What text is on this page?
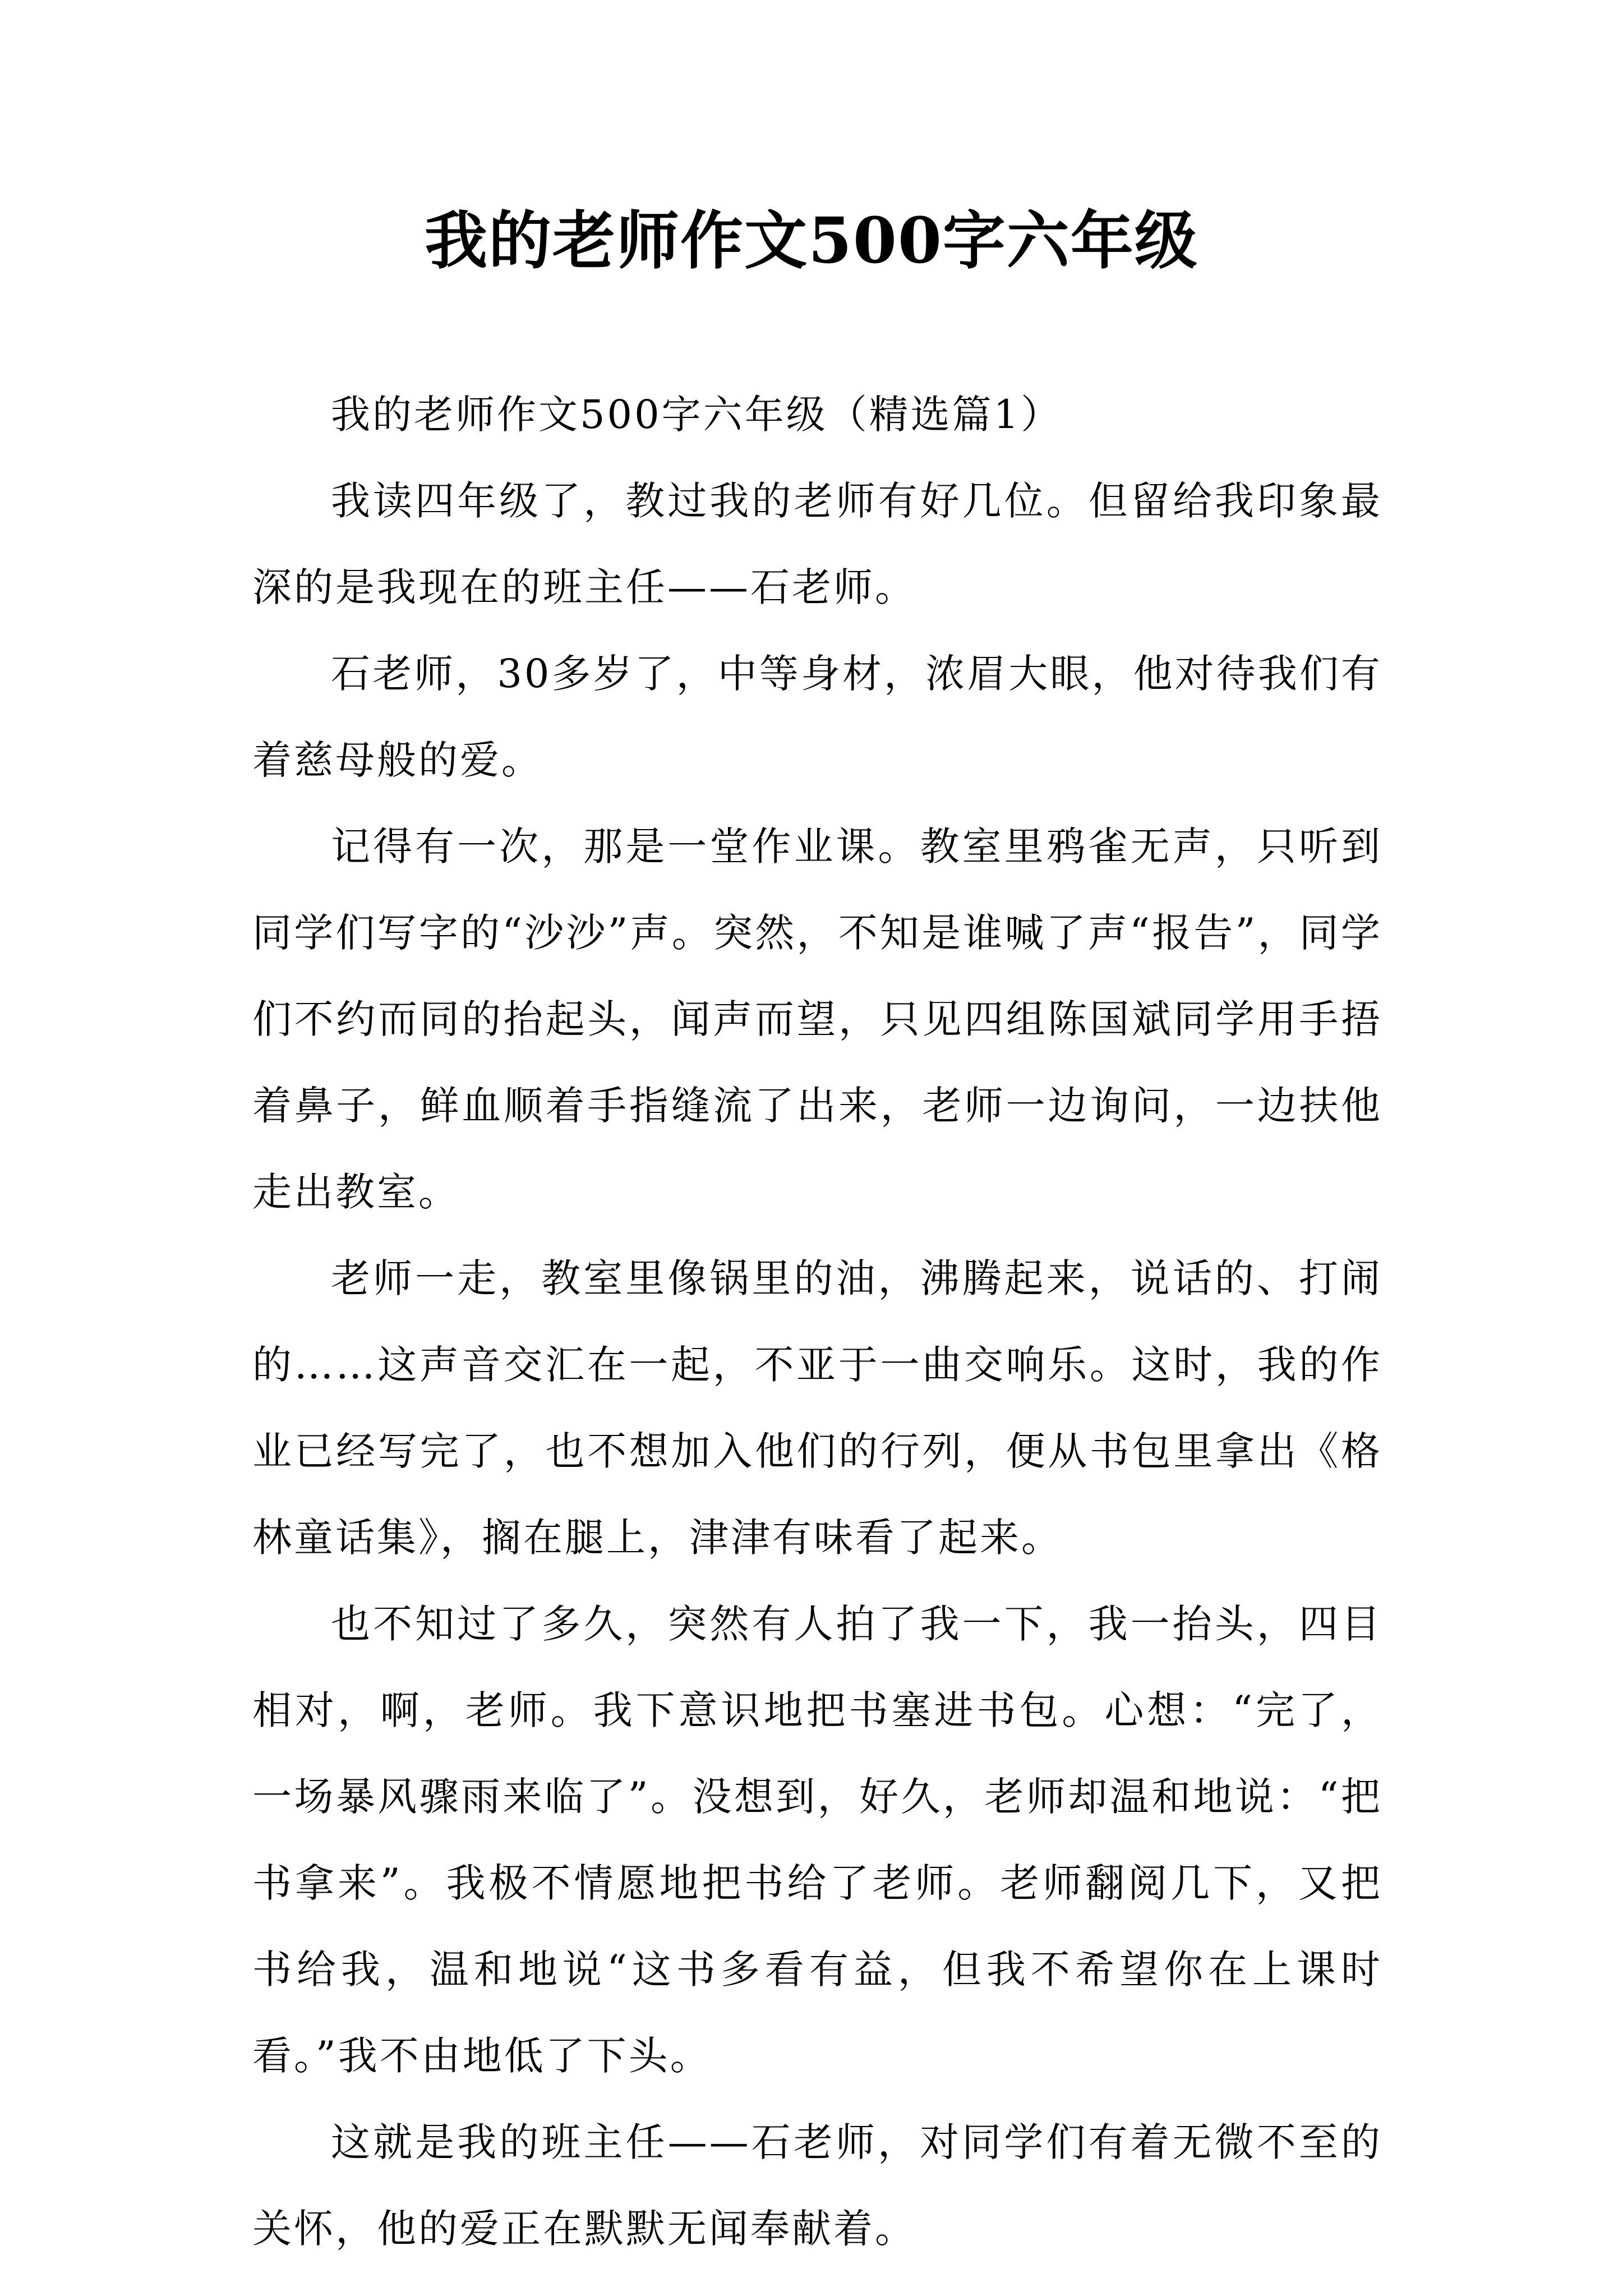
我的老师作文500字六年级

我的老师作文500字六年级（精选篇1）

我读四年级了，教过我的老师有好几位。但留给我印象最深的是我现在的班主任——石老师。

石老师，30多岁了，中等身材，浓眉大眼，他对待我们有着慈母般的爱。

记得有一次，那是一堂作业课。教室里鸦雀无声，只听到同学们写字的“沙沙”声。突然，不知是谁喊了声“报告”，同学们不约而同的抬起头，闻声而望，只见四组陈国斌同学用手捂着鼻子，鲜血顺着手指缝流了出来，老师一边询问，一边扶他走出教室。

老师一走，教室里像锅里的油，沸腾起来，说话的、打闹的……这声音交汇在一起，不亚于一曲交响乐。这时，我的作业已经写完了，也不想加入他们的行列，便从书包里拿出《格林童话集》，搁在腿上，津津有味看了起来。

也不知过了多久，突然有人拍了我一下，我一抬头，四目相对，啊，老师。我下意识地把书塞进书包。心想：“完了，一场暴风骤雨来临了”。没想到，好久，老师却温和地说：“把书拿来”。我极不情愿地把书给了老师。老师翻阅几下，又把书给我，温和地说“这书多看有益，但我不希望你在上课时看。”我不由地低了下头。

这就是我的班主任——石老师，对同学们有着无微不至的关怀，他的爱正在默默无闻奉献着。
